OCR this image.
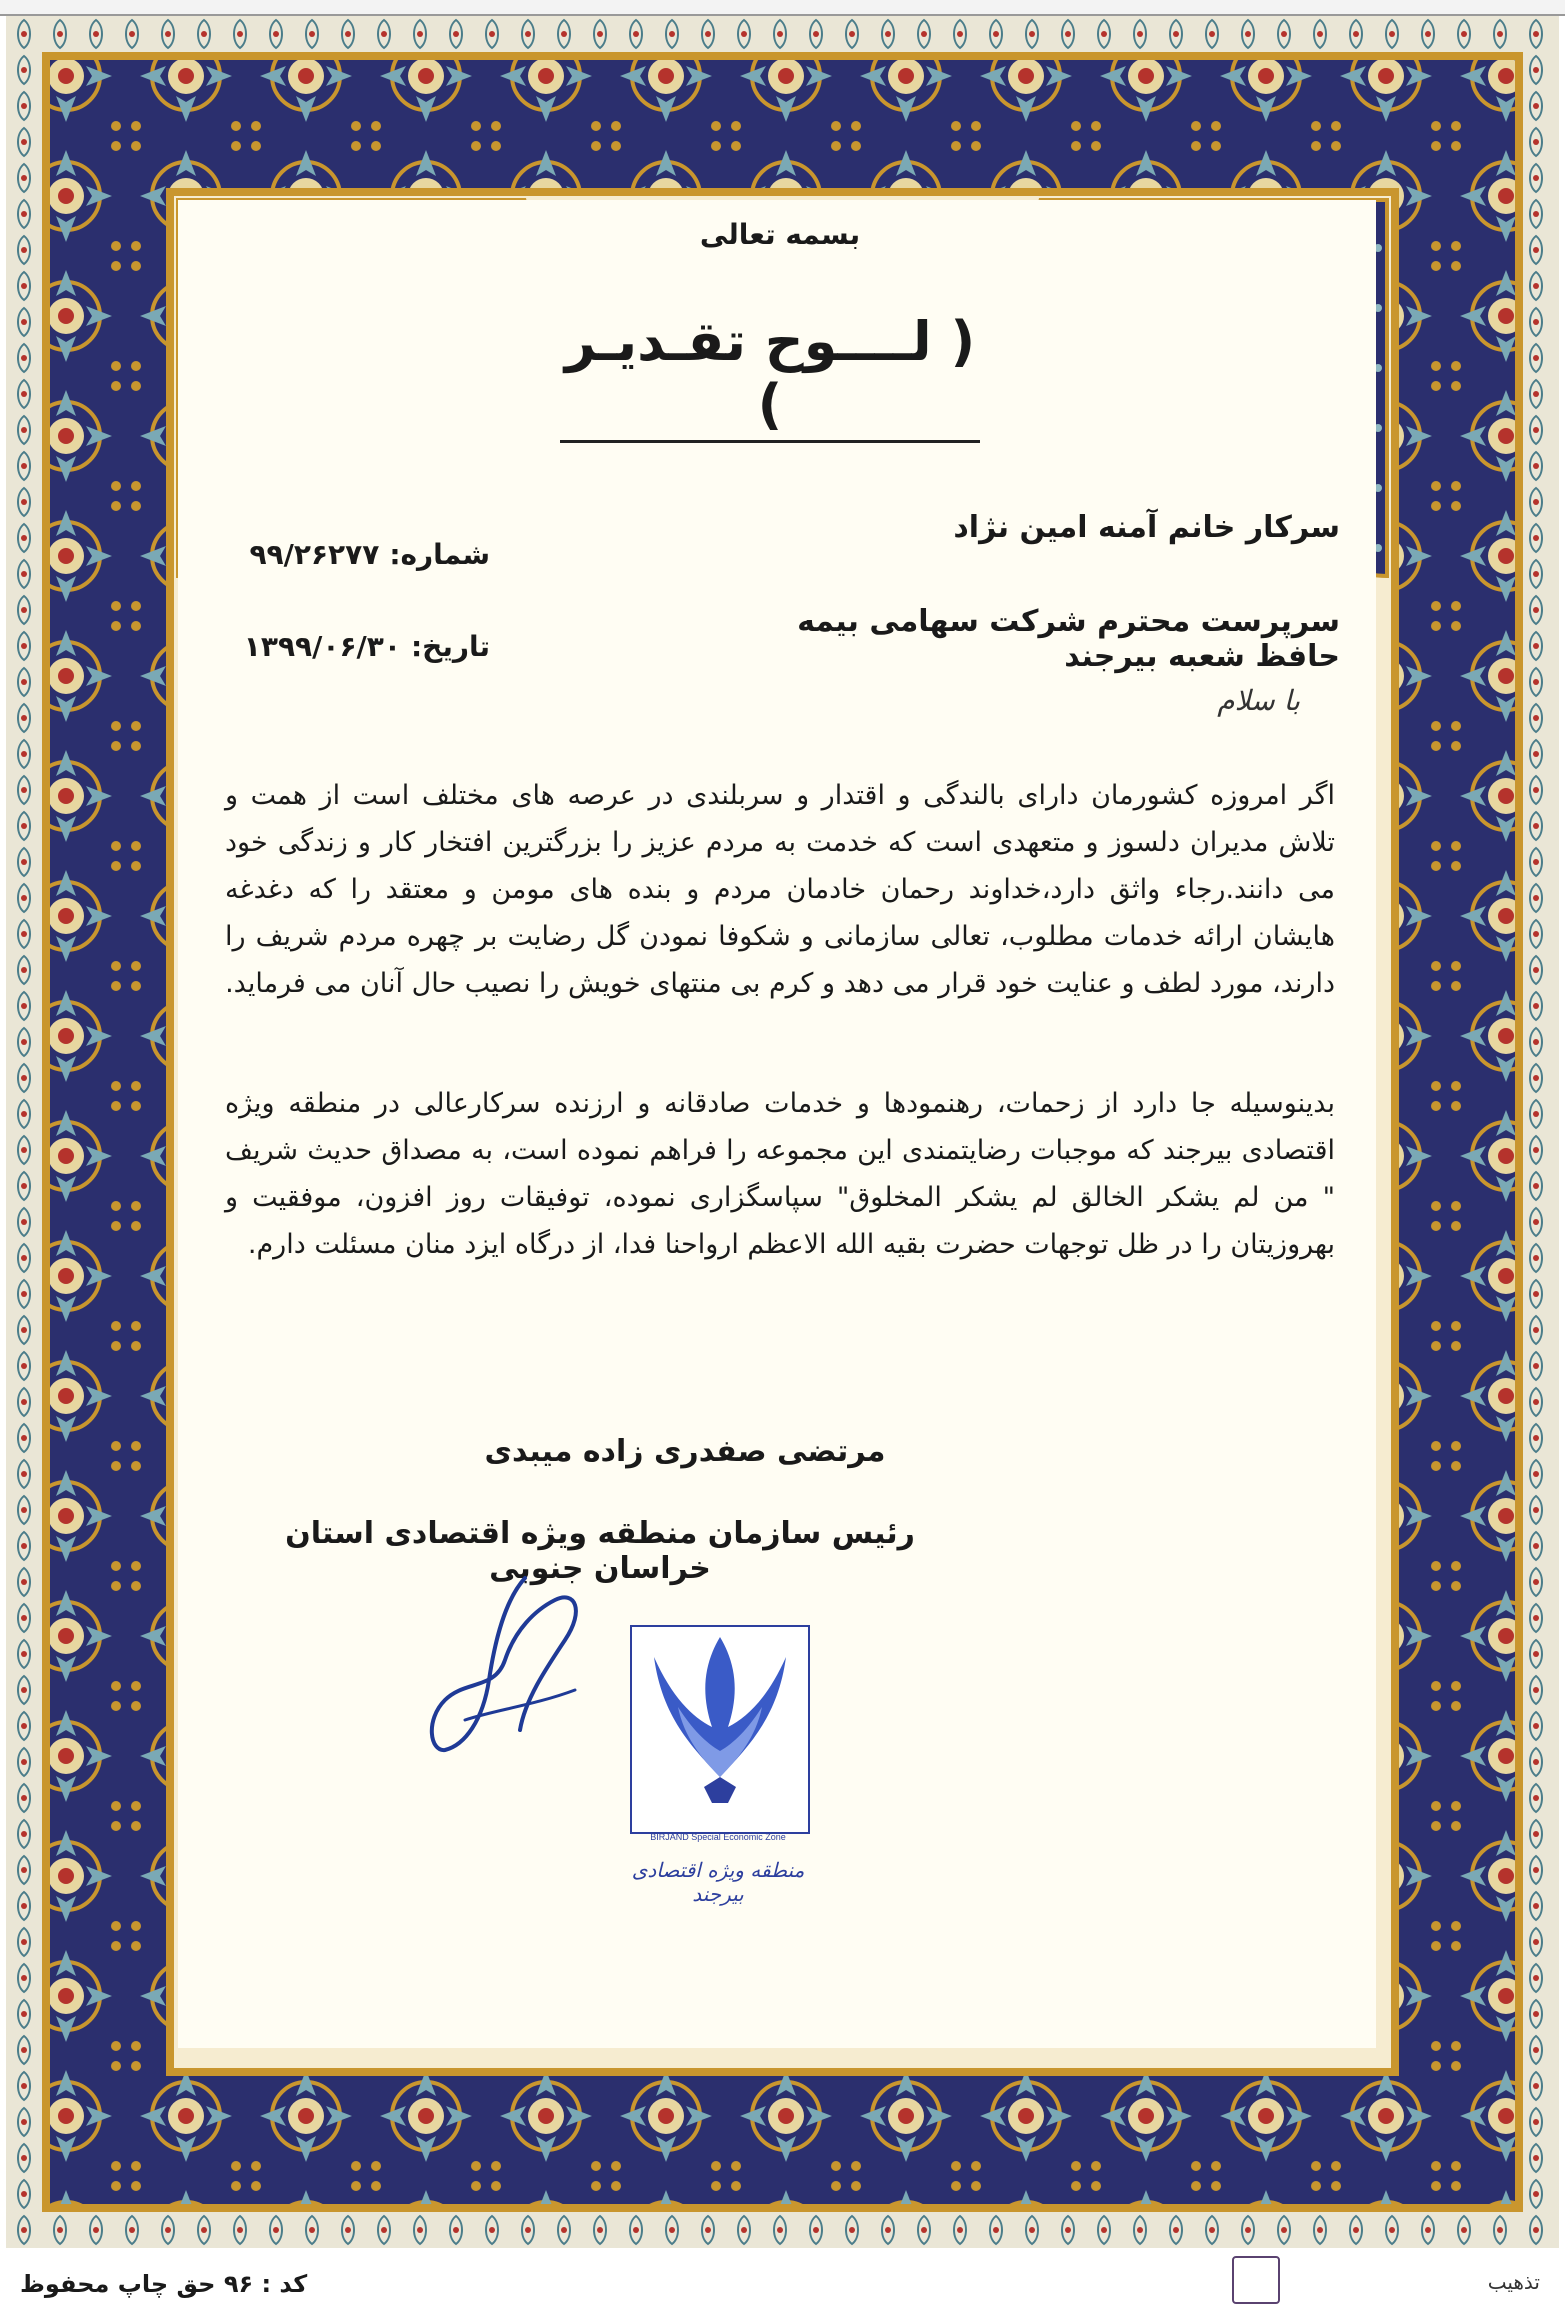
بسمه تعالی
( لــــوح تقـدیـر )
سرکار خانم آمنه امین نژاد
سرپرست محترم شرکت سهامی بیمه حافظ شعبه بیرجند
شماره:
۹۹/۲۶۲۷۷
تاریخ:
۱۳۹۹/۰۶/۳۰
با سلام
اگر امروزه کشورمان دارای بالندگی و اقتدار و سربلندی در عرصه های مختلف است از همت و تلاش مدیران دلسوز و متعهدی است که خدمت به مردم عزیز را بزرگترین افتخار کار و زندگی خود می دانند.رجاء واثق دارد،خداوند رحمان خادمان مردم و بنده های مومن و معتقد را که دغدغه هایشان ارائه خدمات مطلوب، تعالی سازمانی و شکوفا نمودن گل رضایت بر چهره مردم شریف را دارند، مورد لطف و عنایت خود قرار می دهد و کرم بی منتهای خویش را نصیب حال آنان می فرماید.
بدینوسیله جا دارد از زحمات، رهنمودها و خدمات صادقانه و ارزنده سرکارعالی در منطقه ویژه اقتصادی بیرجند که موجبات رضایتمندی این مجموعه را فراهم نموده است، به مصداق حدیث شریف " من لم یشکر الخالق لم یشکر المخلوق" سپاسگزاری نموده، توفیقات روز افزون، موفقیت و بهروزیتان را در ظل توجهات حضرت بقیه الله الاعظم ارواحنا فدا، از درگاه ایزد منان مسئلت دارم.
مرتضی صفدری زاده میبدی
رئیس سازمان منطقه ویژه اقتصادی استان خراسان جنوبی
BIRJAND Special Economic Zone
منطقه ویژه اقتصادی بیرجند
کد : ۹۶ حق چاپ محفوظ	تذهیب
